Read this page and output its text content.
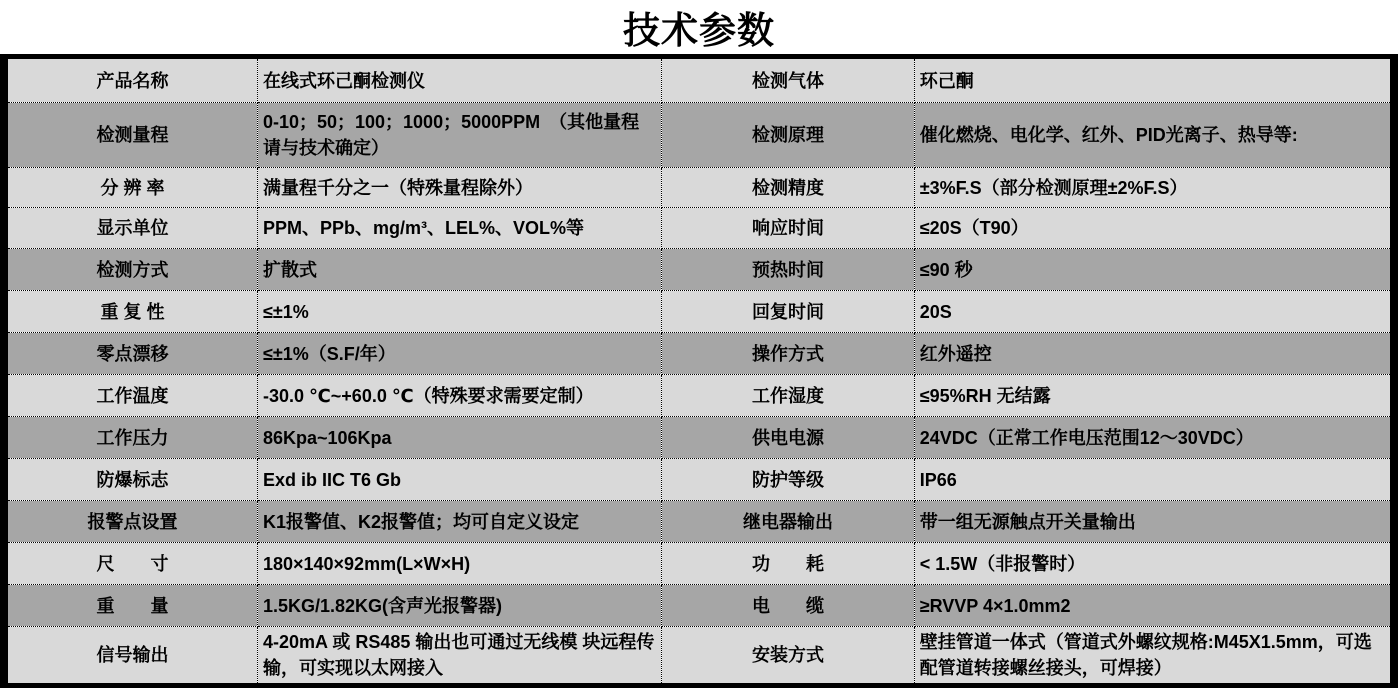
技术参数
产品名称	在线式环己酮检测仪	检测气体	环己酮
检测量程	0-10；50；100；1000；5000PPM　（其他量程请与技术确定）	检测原理	催化燃烧、电化学、红外、PID光离子、热导等:
分 辨 率	满量程千分之一（特殊量程除外）	检测精度	±3%F.S（部分检测原理±2%F.S）
显示单位	PPM、PPb、mg/m³、LEL%、VOL%等	响应时间	≤20S（T90）
检测方式	扩散式	预热时间	≤90 秒
重 复 性	≤±1%	回复时间	20S
零点漂移	≤±1%（S.F/年）	操作方式	红外遥控
工作温度	-30.0 ℃~+60.0 ℃（特殊要求需要定制）	工作湿度	≤95%RH 无结露
工作压力	86Kpa~106Kpa	供电电源	24VDC（正常工作电压范围12～30VDC）
防爆标志	Exd ib IIC T6 Gb	防护等级	IP66
报警点设置	K1报警值、K2报警值；均可自定义设定	继电器输出	带一组无源触点开关量输出
尺　　寸	180×140×92mm(L×W×H)	功　　耗	< 1.5W（非报警时）
重　　量	1.5KG/1.82KG(含声光报警器)	电　　缆	≥RVVP 4×1.0mm2
信号输出	4-20mA 或 RS485 输出也可通过无线模 块远程传输，可实现以太网接入	安装方式	壁挂管道一体式（管道式外螺纹规格:M45X1.5mm，可选配管道转接螺丝接头，可焊接）
